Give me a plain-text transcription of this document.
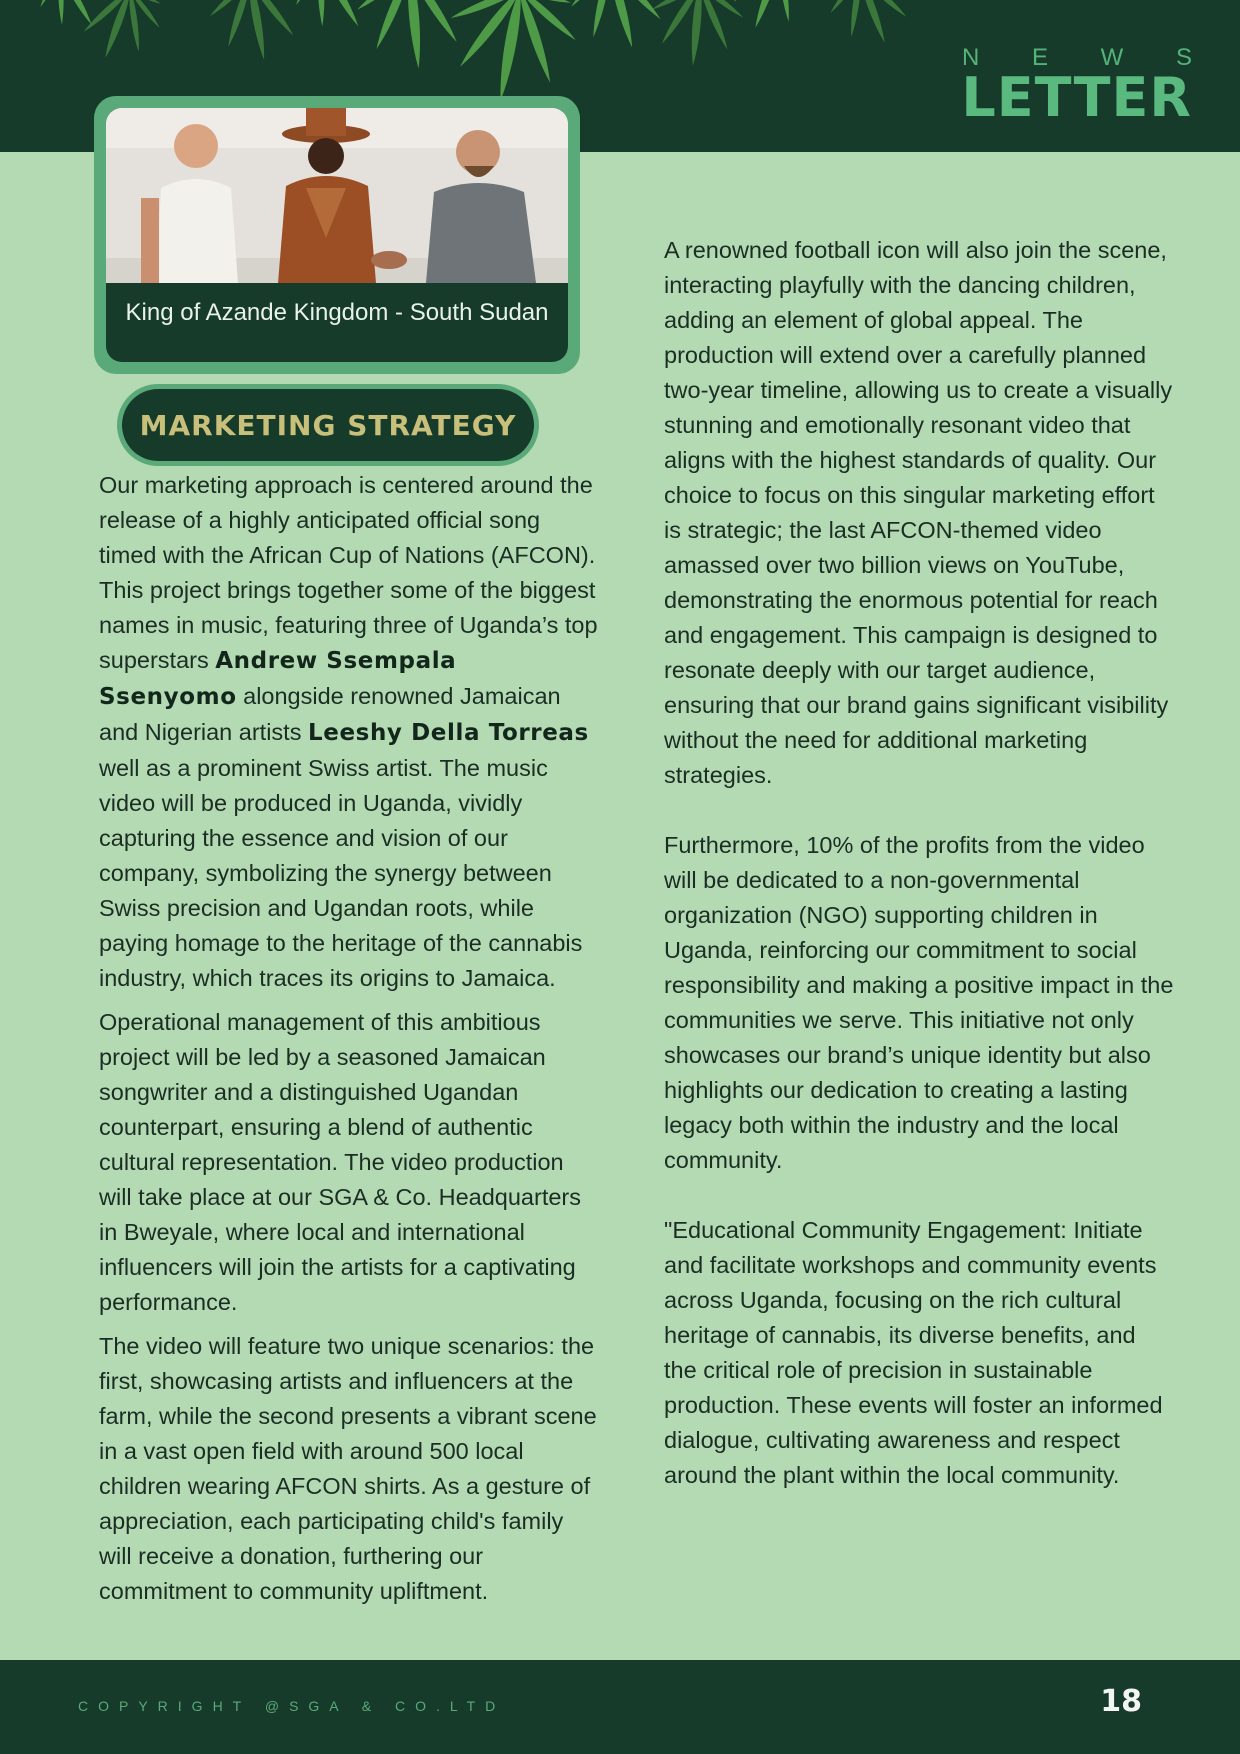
N E W S
LETTER
King of Azande Kingdom - South Sudan
MARKETING STRATEGY

Our marketing approach is centered around the release of a highly anticipated official song timed with the African Cup of Nations (AFCON). This project brings together some of the biggest names in music, featuring three of Uganda’s top superstars Andrew Ssempala Ssenyomo alongside renowned Jamaican and Nigerian artists Leeshy Della Torreas well as a prominent Swiss artist. The music video will be produced in Uganda, vividly capturing the essence and vision of our company, symbolizing the synergy between Swiss precision and Ugandan roots, while paying homage to the heritage of the cannabis industry, which traces its origins to Jamaica.

Operational management of this ambitious project will be led by a seasoned Jamaican songwriter and a distinguished Ugandan counterpart, ensuring a blend of authentic cultural representation. The video production will take place at our SGA & Co. Headquarters in Bweyale, where local and international influencers will join the artists for a captivating performance.

The video will feature two unique scenarios: the first, showcasing artists and influencers at the farm, while the second presents a vibrant scene in a vast open field with around 500 local children wearing AFCON shirts. As a gesture of appreciation, each participating child's family will receive a donation, furthering our commitment to community upliftment.

A renowned football icon will also join the scene, interacting playfully with the dancing children, adding an element of global appeal. The production will extend over a carefully planned two-year timeline, allowing us to create a visually stunning and emotionally resonant video that aligns with the highest standards of quality. Our choice to focus on this singular marketing effort is strategic; the last AFCON-themed video amassed over two billion views on YouTube, demonstrating the enormous potential for reach and engagement. This campaign is designed to resonate deeply with our target audience, ensuring that our brand gains significant visibility without the need for additional marketing strategies.

Furthermore, 10% of the profits from the video will be dedicated to a non-governmental organization (NGO) supporting children in Uganda, reinforcing our commitment to social responsibility and making a positive impact in the communities we serve. This initiative not only showcases our brand’s unique identity but also highlights our dedication to creating a lasting legacy both within the industry and the local community.

"Educational Community Engagement: Initiate and facilitate workshops and community events across Uganda, focusing on the rich cultural heritage of cannabis, its diverse benefits, and the critical role of precision in sustainable production. These events will foster an informed dialogue, cultivating awareness and respect around the plant within the local community.

COPYRIGHT @SGA & CO.LTD	18
